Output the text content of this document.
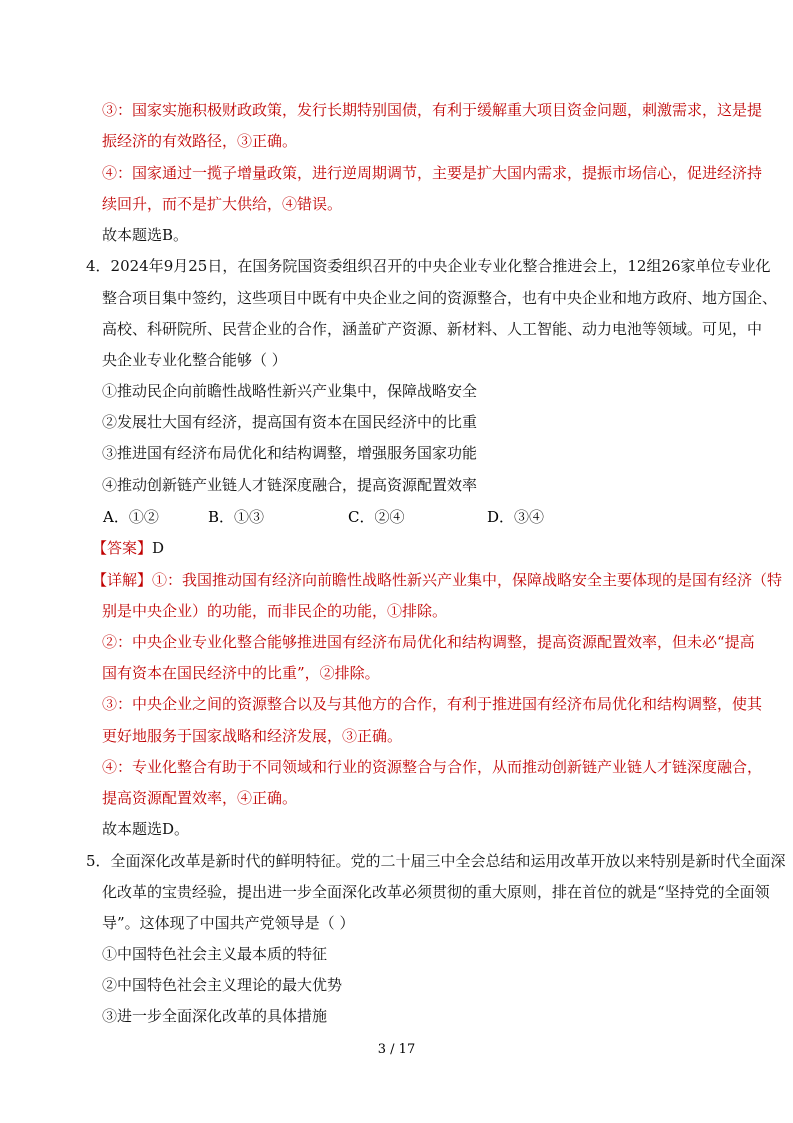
③：国家实施积极财政政策，发行长期特别国债，有利于缓解重大项目资金问题，刺激需求，这是提
振经济的有效路径，③正确。
④：国家通过一揽子增量政策，进行逆周期调节，主要是扩大国内需求，提振市场信心，促进经济持
续回升，而不是扩大供给，④错误。
故本题选B。
4．2024年9月25日，在国务院国资委组织召开的中央企业专业化整合推进会上，12组26家单位专业化
整合项目集中签约，这些项目中既有中央企业之间的资源整合，也有中央企业和地方政府、地方国企、
高校、科研院所、民营企业的合作，涵盖矿产资源、新材料、人工智能、动力电池等领域。可见，中
央企业专业化整合能够（ ）
①推动民企向前瞻性战略性新兴产业集中，保障战略安全
②发展壮大国有经济，提高国有资本在国民经济中的比重
③推进国有经济布局优化和结构调整，增强服务国家功能
④推动创新链产业链人才链深度融合，提高资源配置效率
A．①②	B．①③	C．②④	D．③④
【答案】D
【详解】①：我国推动国有经济向前瞻性战略性新兴产业集中，保障战略安全主要体现的是国有经济（特
别是中央企业）的功能，而非民企的功能，①排除。
②：中央企业专业化整合能够推进国有经济布局优化和结构调整，提高资源配置效率，但未必“提高
国有资本在国民经济中的比重”，②排除。
③：中央企业之间的资源整合以及与其他方的合作，有利于推进国有经济布局优化和结构调整，使其
更好地服务于国家战略和经济发展，③正确。
④：专业化整合有助于不同领域和行业的资源整合与合作，从而推动创新链产业链人才链深度融合，
提高资源配置效率，④正确。
故本题选D。
5．全面深化改革是新时代的鲜明特征。党的二十届三中全会总结和运用改革开放以来特别是新时代全面深
化改革的宝贵经验，提出进一步全面深化改革必须贯彻的重大原则，排在首位的就是“坚持党的全面领
导”。这体现了中国共产党领导是（ ）
①中国特色社会主义最本质的特征
②中国特色社会主义理论的最大优势
③进一步全面深化改革的具体措施
3 / 17
